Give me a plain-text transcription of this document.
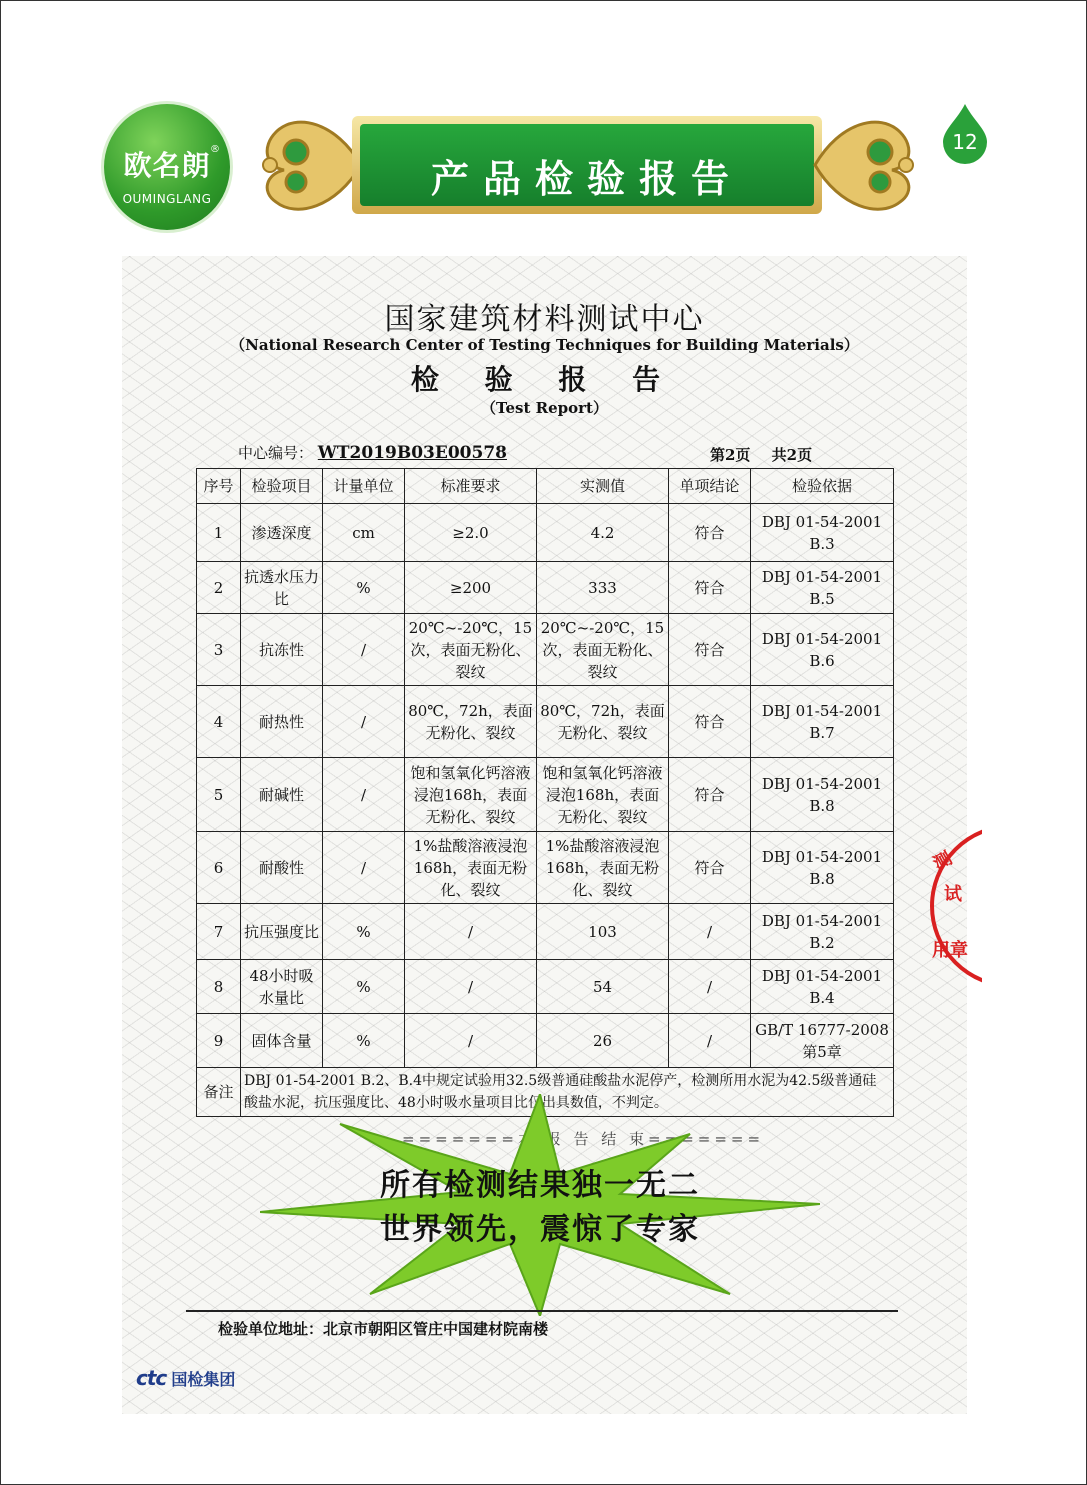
欧名朗 ®
OUMINGLANG	产品检验报告
12
国家建筑材料测试中心
（National Research Center of Testing Techniques for Building Materials）
检 验 报 告
（Test Report）
中心编号： WT2019B03E00578	第2页 共2页
序号	检验项目	计量单位	标准要求	实测值	单项结论	检验依据
1	渗透深度	cm	≥2.0	4.2	符合	DBJ 01-54-2001 B.3
2	抗透水压力比	%	≥200	333	符合	DBJ 01-54-2001 B.5
3	抗冻性	/	20℃~-20℃，15次，表面无粉化、裂纹	20℃~-20℃，15次，表面无粉化、裂纹	符合	DBJ 01-54-2001 B.6
4	耐热性	/	80℃，72h，表面无粉化、裂纹	80℃，72h，表面无粉化、裂纹	符合	DBJ 01-54-2001 B.7
5	耐碱性	/	饱和氢氧化钙溶液浸泡168h，表面无粉化、裂纹	饱和氢氧化钙溶液浸泡168h，表面无粉化、裂纹	符合	DBJ 01-54-2001 B.8
6	耐酸性	/	1%盐酸溶液浸泡168h，表面无粉化、裂纹	1%盐酸溶液浸泡168h，表面无粉化、裂纹	符合	DBJ 01-54-2001 B.8
7	抗压强度比	%	/	103	/	DBJ 01-54-2001 B.2
8	48小时吸水量比	%	/	54	/	DBJ 01-54-2001 B.4
9	固体含量	%	/	26	/	GB/T 16777-2008 第5章
备注	DBJ 01-54-2001 B.2、B.4中规定试验用32.5级普通硅酸盐水泥停产，检测所用水泥为42.5级普通硅酸盐水泥，抗压强度比、48小时吸水量项目比仅出具数值，不判定。					
=======本 报 告 结 束=======
所有检测结果独一无二
世界领先，震惊了专家
测
试
用章
检验单位地址：北京市朝阳区管庄中国建材院南楼
ctc 国检集团
